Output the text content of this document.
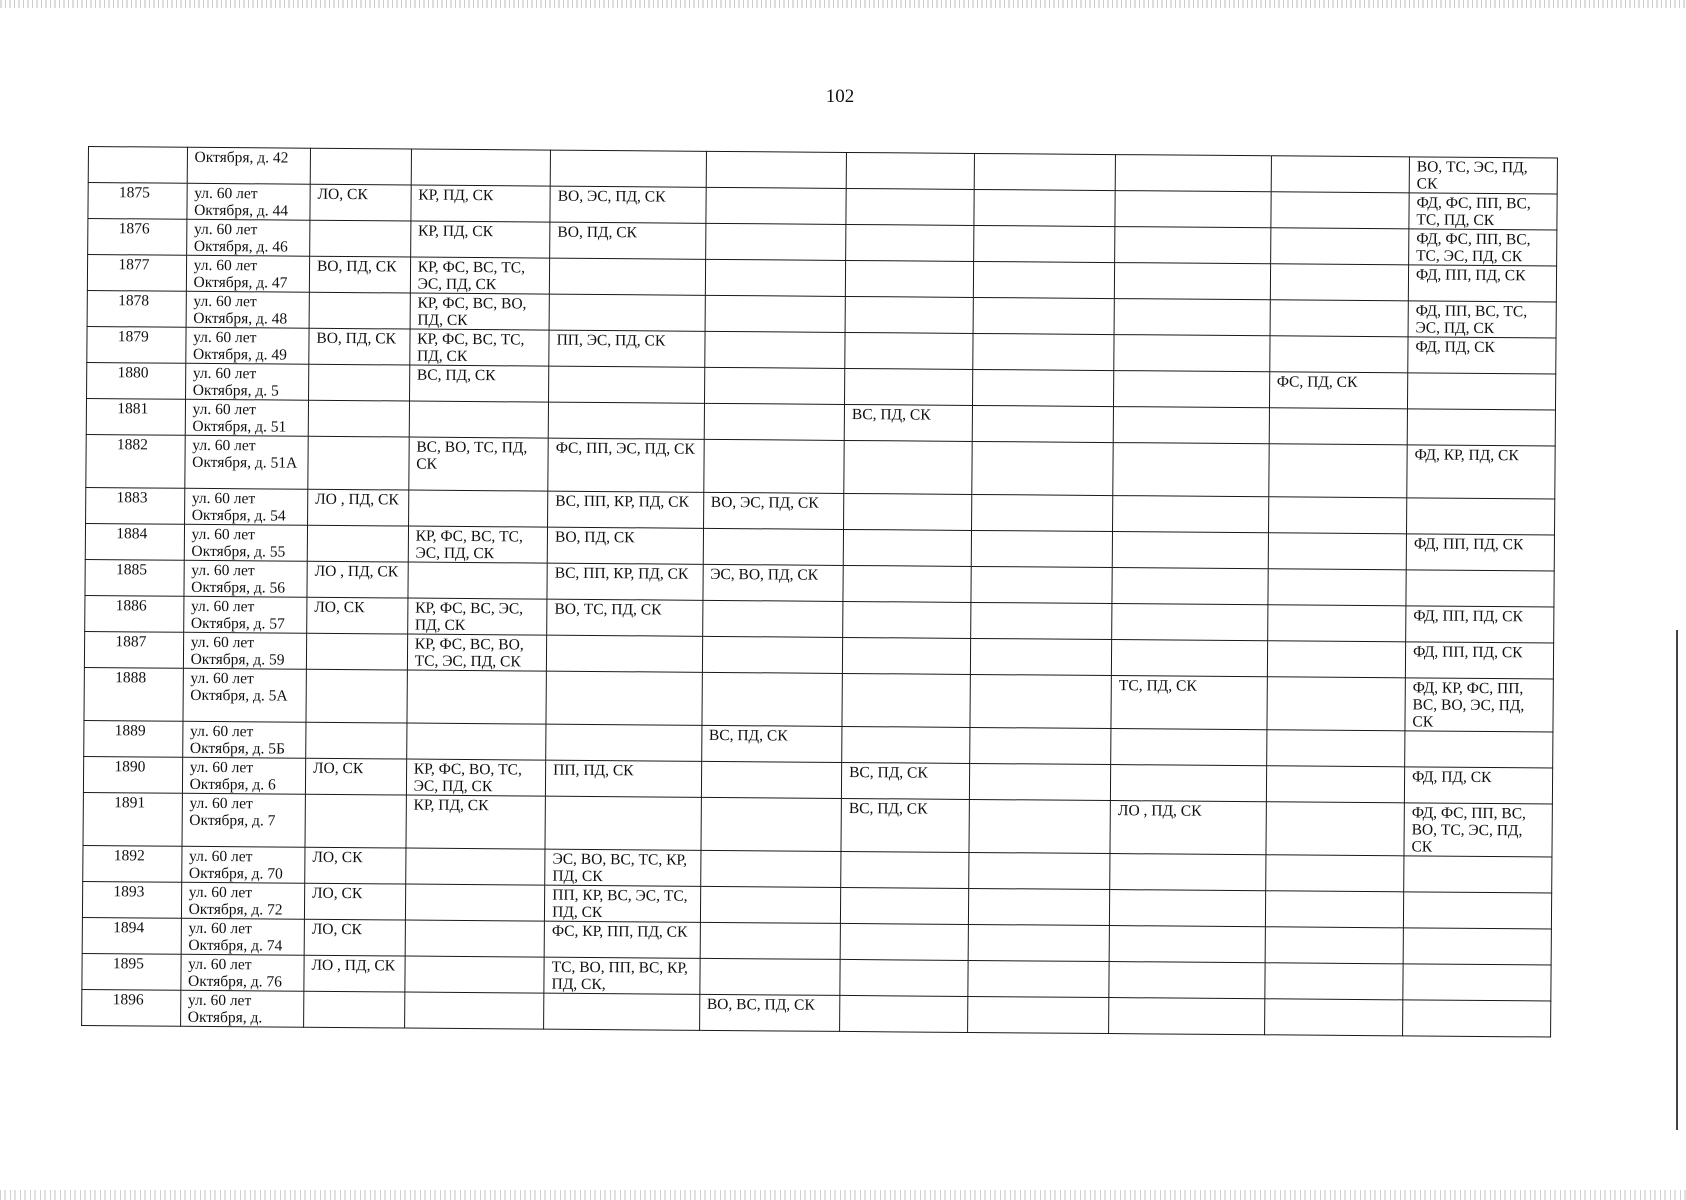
102
	Октября, д. 42									ВО, ТС, ЭС, ПД, СК
1875	ул. 60 лет Октября, д. 44	ЛО, СК	КР, ПД, СК	ВО, ЭС, ПД, СК						ФД, ФС, ПП, ВС, ТС, ПД, СК
1876	ул. 60 лет Октября, д. 46		КР, ПД, СК	ВО, ПД, СК						ФД, ФС, ПП, ВС, ТС, ЭС, ПД, СК
1877	ул. 60 лет Октября, д. 47	ВО, ПД, СК	КР, ФС, ВС, ТС, ЭС, ПД, СК							ФД, ПП, ПД, СК
1878	ул. 60 лет Октября, д. 48		КР, ФС, ВС, ВО, ПД, СК							ФД, ПП, ВС, ТС, ЭС, ПД, СК
1879	ул. 60 лет Октября, д. 49	ВО, ПД, СК	КР, ФС, ВС, ТС, ПД, СК	ПП, ЭС, ПД, СК						ФД, ПД, СК
1880	ул. 60 лет Октября, д. 5		ВС, ПД, СК						ФС, ПД, СК	
1881	ул. 60 лет Октября, д. 51					ВС, ПД, СК				
1882	ул. 60 лет Октября, д. 51А		ВС, ВО, ТС, ПД, СК	ФС, ПП, ЭС, ПД, СК						ФД, КР, ПД, СК
1883	ул. 60 лет Октября, д. 54	ЛО , ПД, СК		ВС, ПП, КР, ПД, СК	ВО, ЭС, ПД, СК					
1884	ул. 60 лет Октября, д. 55		КР, ФС, ВС, ТС, ЭС, ПД, СК	ВО, ПД, СК						ФД, ПП, ПД, СК
1885	ул. 60 лет Октября, д. 56	ЛО , ПД, СК		ВС, ПП, КР, ПД, СК	ЭС, ВО, ПД, СК					
1886	ул. 60 лет Октября, д. 57	ЛО, СК	КР, ФС, ВС, ЭС, ПД, СК	ВО, ТС, ПД, СК						ФД, ПП, ПД, СК
1887	ул. 60 лет Октября, д. 59		КР, ФС, ВС, ВО, ТС, ЭС, ПД, СК							ФД, ПП, ПД, СК
1888	ул. 60 лет Октября, д. 5А							ТС, ПД, СК		ФД, КР, ФС, ПП, ВС, ВО, ЭС, ПД, СК
1889	ул. 60 лет Октября, д. 5Б				ВС, ПД, СК					
1890	ул. 60 лет Октября, д. 6	ЛО, СК	КР, ФС, ВО, ТС, ЭС, ПД, СК	ПП, ПД, СК		ВС, ПД, СК				ФД, ПД, СК
1891	ул. 60 лет Октября, д. 7		КР, ПД, СК			ВС, ПД, СК		ЛО , ПД, СК		ФД, ФС, ПП, ВС, ВО, ТС, ЭС, ПД, СК
1892	ул. 60 лет Октября, д. 70	ЛО, СК		ЭС, ВО, ВС, ТС, КР, ПД, СК						
1893	ул. 60 лет Октября, д. 72	ЛО, СК		ПП, КР, ВС, ЭС, ТС, ПД, СК						
1894	ул. 60 лет Октября, д. 74	ЛО, СК		ФС, КР, ПП, ПД, СК						
1895	ул. 60 лет Октября, д. 76	ЛО , ПД, СК		ТС, ВО, ПП, ВС, КР, ПД, СК,						
1896	ул. 60 лет Октября, д.				ВО, ВС, ПД, СК					
